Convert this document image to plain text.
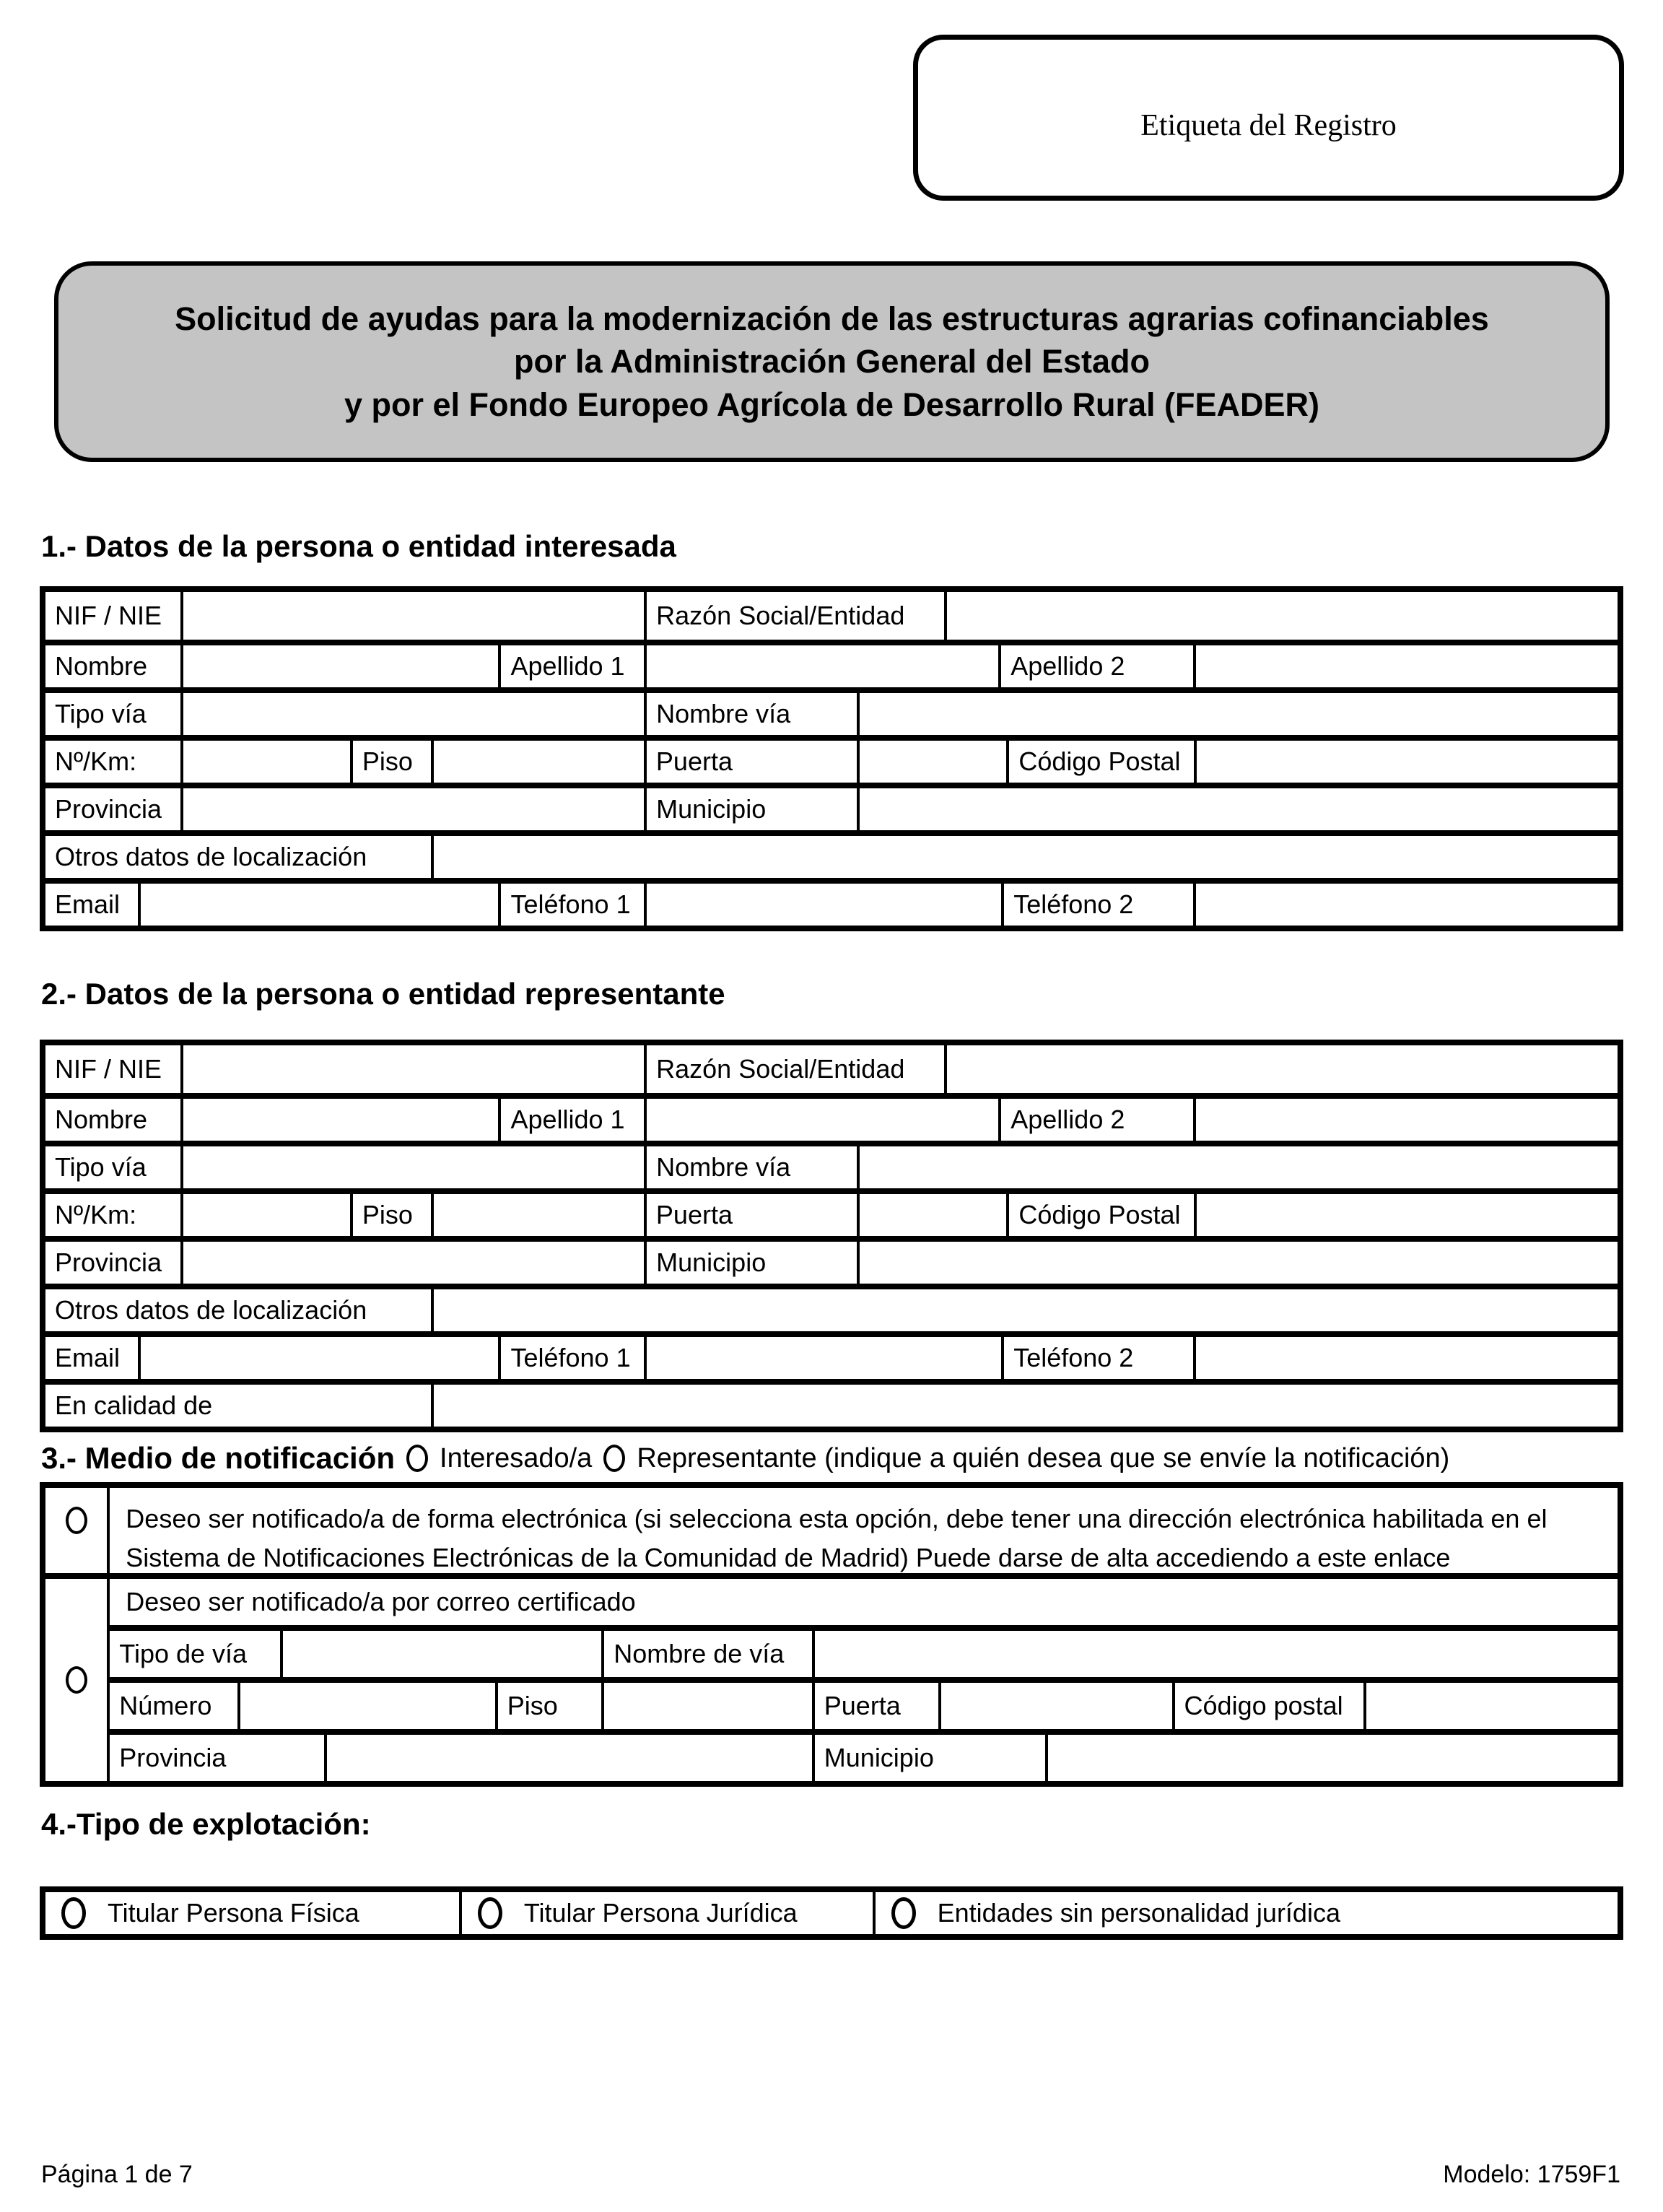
Etiqueta del Registro
Solicitud de ayudas para la modernización de las estructuras agrarias cofinanciables
por la Administración General del Estado
y por el Fondo Europeo Agrícola de Desarrollo Rural (FEADER)
1.- Datos de la persona o entidad interesada
NIF / NIE	Razón Social/Entidad
Nombre	Apellido 1	Apellido 2
Tipo vía	Nombre vía
Nº/Km:	Piso	Puerta	Código Postal
Provincia	Municipio
Otros datos de localización
Email	Teléfono 1	Teléfono 2
2.- Datos de la persona o entidad representante
NIF / NIE	Razón Social/Entidad
Nombre	Apellido 1	Apellido 2
Tipo vía	Nombre vía
Nº/Km:	Piso	Puerta	Código Postal
Provincia	Municipio
Otros datos de localización
Email	Teléfono 1	Teléfono 2
En calidad de
3.- Medio de notificación Interesado/a Representante (indique a quién desea que se envíe la notificación)
Deseo ser notificado/a de forma electrónica (si selecciona esta opción, debe tener una dirección electrónica habilitada en el Sistema de Notificaciones Electrónicas de la Comunidad de Madrid) Puede darse de alta accediendo a este enlace
Deseo ser notificado/a por correo certificado
Tipo de vía	Nombre de vía
Número	Piso	Puerta	Código postal
Provincia	Municipio
4.-Tipo de explotación:
Titular Persona Física	Titular Persona Jurídica	Entidades sin personalidad jurídica
Página 1 de 7	Modelo: 1759F1
